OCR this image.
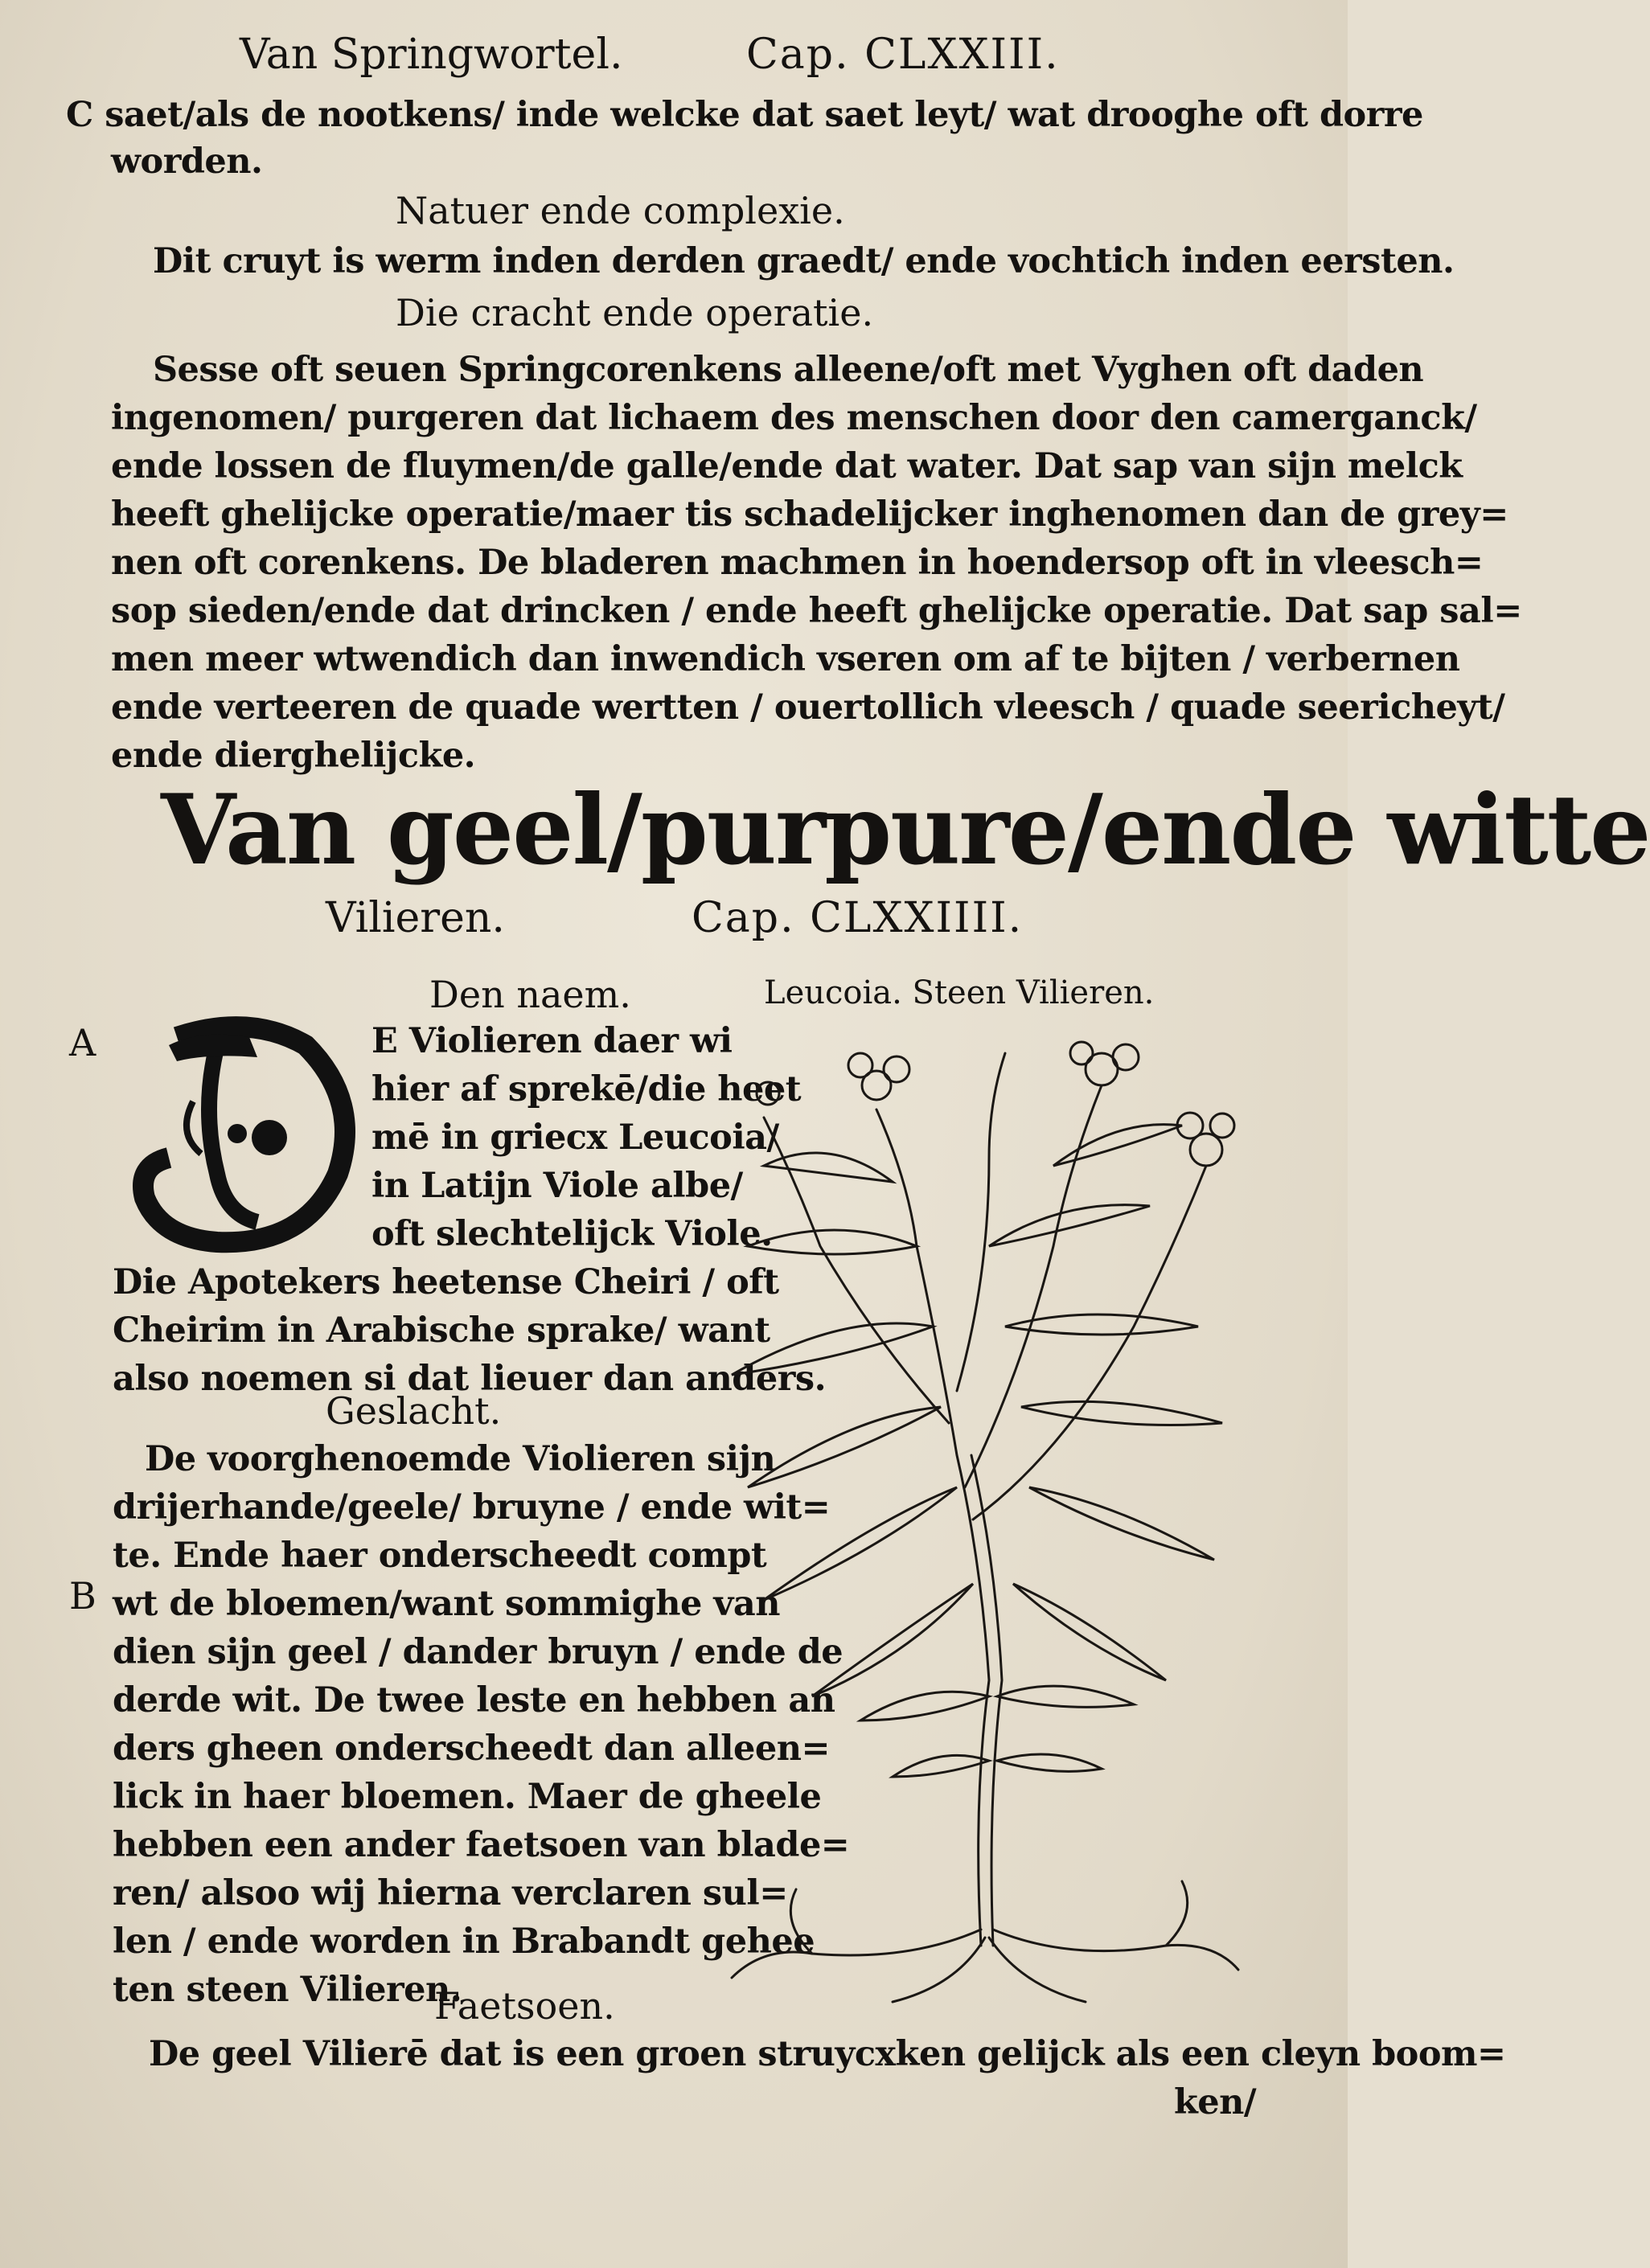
Van Springwortel.	Cap. CLXXIII.
C saet/als de nootkens/ inde welcke dat saet leyt/ wat drooghe oft dorre
worden.
Natuer ende complexie.
Dit cruyt is werm inden derden graedt/ ende vochtich inden eersten.
Die cracht ende operatie.
Sesse oft seuen Springcorenkens alleene/oft met Vyghen oft daden
ingenomen/ purgeren dat lichaem des menschen door den camerganck/
ende lossen de fluymen/de galle/ende dat water. Dat sap van sijn melck
heeft ghelijcke operatie/maer tis schadelijcker inghenomen dan de grey=
nen oft corenkens. De bladeren machmen in hoendersop oft in vleesch=
sop sieden/ende dat drincken / ende heeft ghelijcke operatie. Dat sap sal=
men meer wtwendich dan inwendich vseren om af te bijten / verbernen
ende verteeren de quade wertten / ouertollich vleesch / quade seericheyt/
ende dierghelijcke.
Van geel/purpure/ende witte
Vilieren.	Cap. CLXXIIII.
Den naem.	Leucoia. Steen Vilieren.
A
B
E Violieren daer wi
hier af sprekē/die heet
mē in griecx Leucoia/
in Latijn Viole albe/
oft slechtelijck Viole.
Die Apotekers heetense Cheiri / oft
Cheirim in Arabische sprake/ want
also noemen si dat lieuer dan anders.
Geslacht.
De voorghenoemde Violieren sijn
drijerhande/geele/ bruyne / ende wit=
te. Ende haer onderscheedt compt
wt de bloemen/want sommighe van
dien sijn geel / dander bruyn / ende de
derde wit. De twee leste en hebben an
ders gheen onderscheedt dan alleen=
lick in haer bloemen. Maer de gheele
hebben een ander faetsoen van blade=
ren/ alsoo wij hierna verclaren sul=
len / ende worden in Brabandt gehee
ten steen Vilieren.
Faetsoen.
De geel Vilierē dat is een groen struycxken gelijck als een cleyn boom=
ken/
